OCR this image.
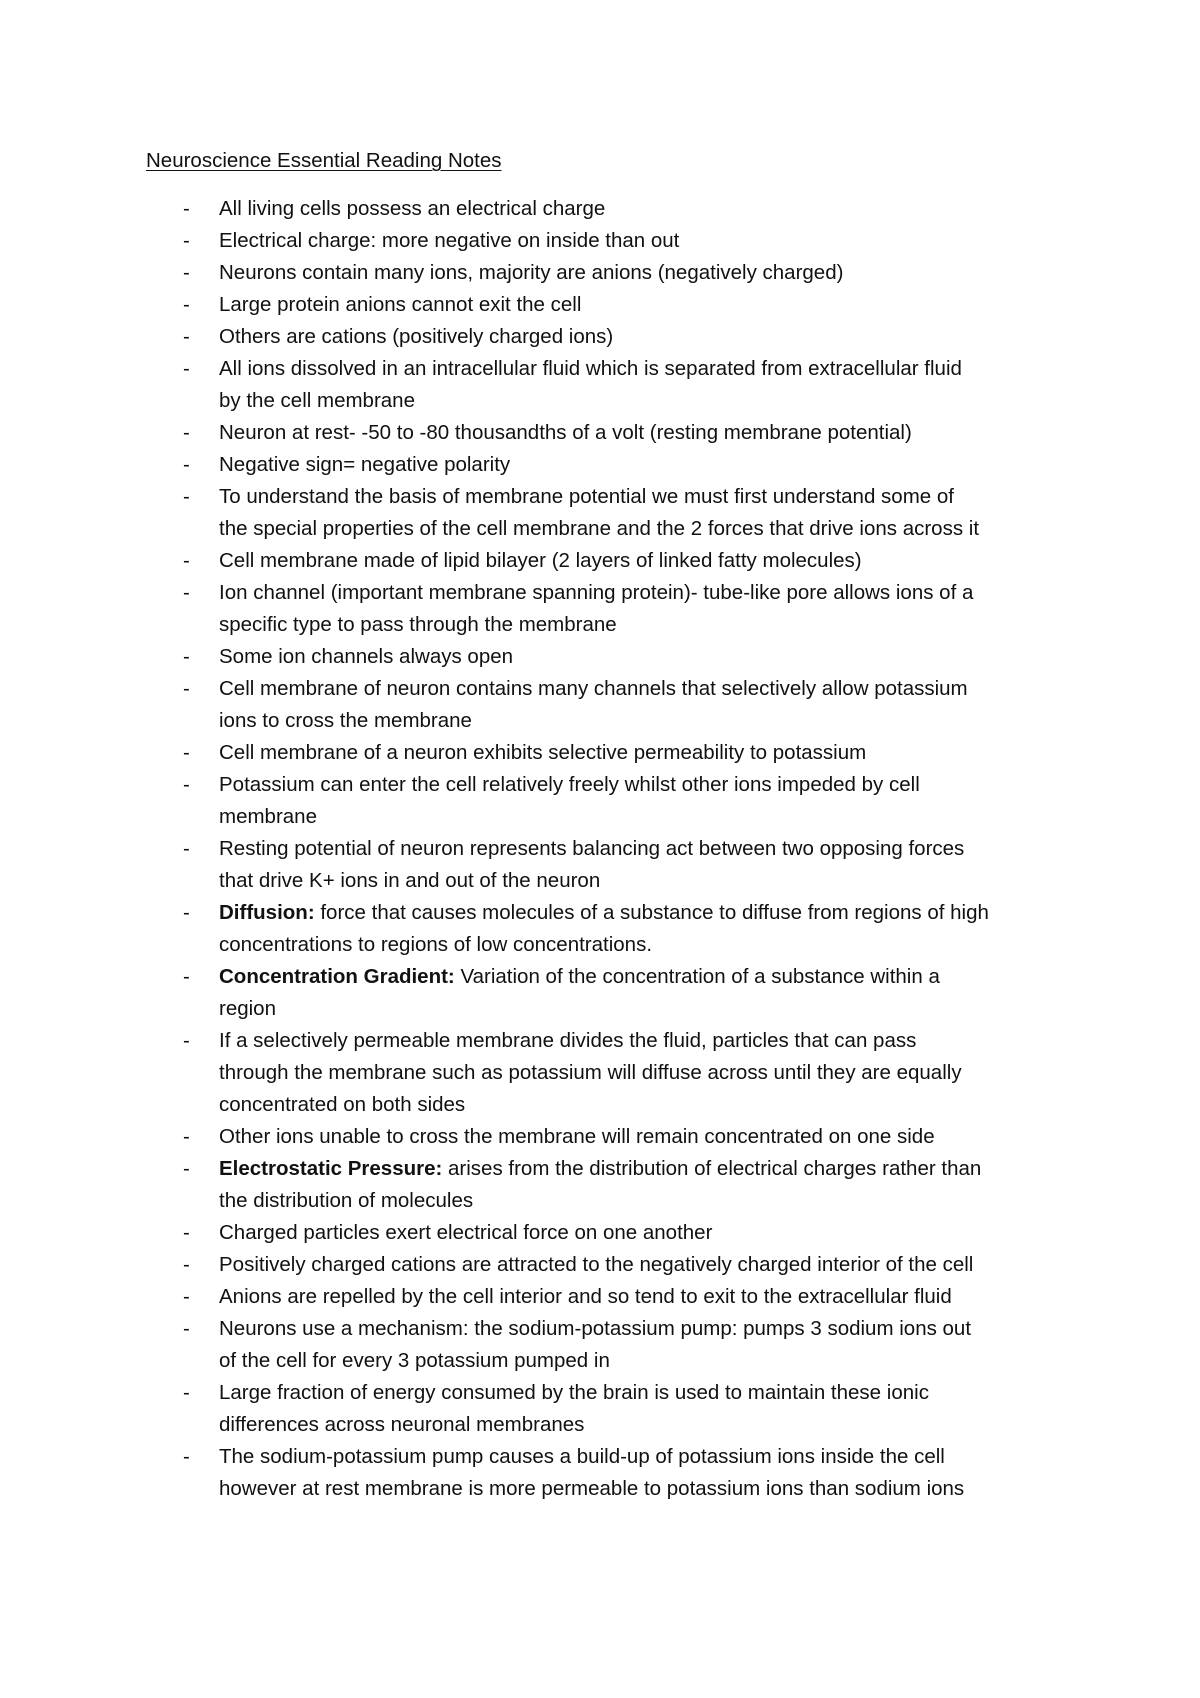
Neuroscience Essential Reading Notes
- All living cells possess an electrical charge
- Electrical charge: more negative on inside than out
- Neurons contain many ions, majority are anions (negatively charged)
- Large protein anions cannot exit the cell
- Others are cations (positively charged ions)
- All ions dissolved in an intracellular fluid which is separated from extracellular fluid
by the cell membrane
- Neuron at rest- -50 to -80 thousandths of a volt (resting membrane potential)
- Negative sign= negative polarity
- To understand the basis of membrane potential we must first understand some of
the special properties of the cell membrane and the 2 forces that drive ions across it
- Cell membrane made of lipid bilayer (2 layers of linked fatty molecules)
- Ion channel (important membrane spanning protein)- tube-like pore allows ions of a
specific type to pass through the membrane
- Some ion channels always open
- Cell membrane of neuron contains many channels that selectively allow potassium
ions to cross the membrane
- Cell membrane of a neuron exhibits selective permeability to potassium
- Potassium can enter the cell relatively freely whilst other ions impeded by cell
membrane
- Resting potential of neuron represents balancing act between two opposing forces
that drive K+ ions in and out of the neuron
- Diffusion: force that causes molecules of a substance to diffuse from regions of high
concentrations to regions of low concentrations.
- Concentration Gradient: Variation of the concentration of a substance within a
region
- If a selectively permeable membrane divides the fluid, particles that can pass
through the membrane such as potassium will diffuse across until they are equally
concentrated on both sides
- Other ions unable to cross the membrane will remain concentrated on one side
- Electrostatic Pressure: arises from the distribution of electrical charges rather than
the distribution of molecules
- Charged particles exert electrical force on one another
- Positively charged cations are attracted to the negatively charged interior of the cell
- Anions are repelled by the cell interior and so tend to exit to the extracellular fluid
- Neurons use a mechanism: the sodium-potassium pump: pumps 3 sodium ions out
of the cell for every 3 potassium pumped in
- Large fraction of energy consumed by the brain is used to maintain these ionic
differences across neuronal membranes
- The sodium-potassium pump causes a build-up of potassium ions inside the cell
however at rest membrane is more permeable to potassium ions than sodium ions
